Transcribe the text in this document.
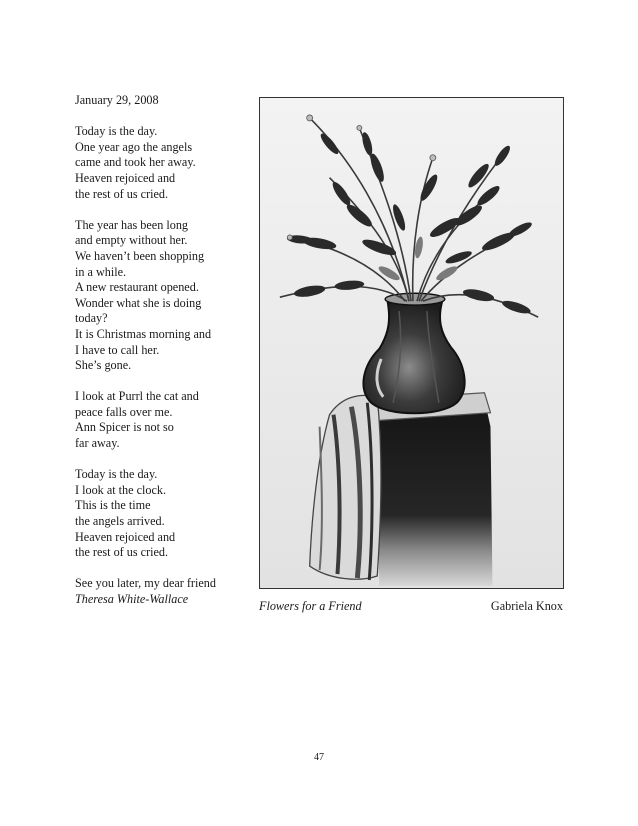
January 29, 2008
Today is the day.
One year ago the angels
came and took her away.
Heaven rejoiced and
the rest of us cried.
The year has been long
and empty without her.
We haven’t been shopping
in a while.
A new restaurant opened.
Wonder what she is doing
today?
It is Christmas morning and
I have to call her.
She’s gone.
I look at Purrl the cat and
peace falls over me.
Ann Spicer is not so
far away.
Today is the day.
I look at the clock.
This is the time
the angels arrived.
Heaven rejoiced and
the rest of us cried.
See you later, my dear friend
Theresa White-Wallace	Flowers for a Friend	Gabriela Knox
47
